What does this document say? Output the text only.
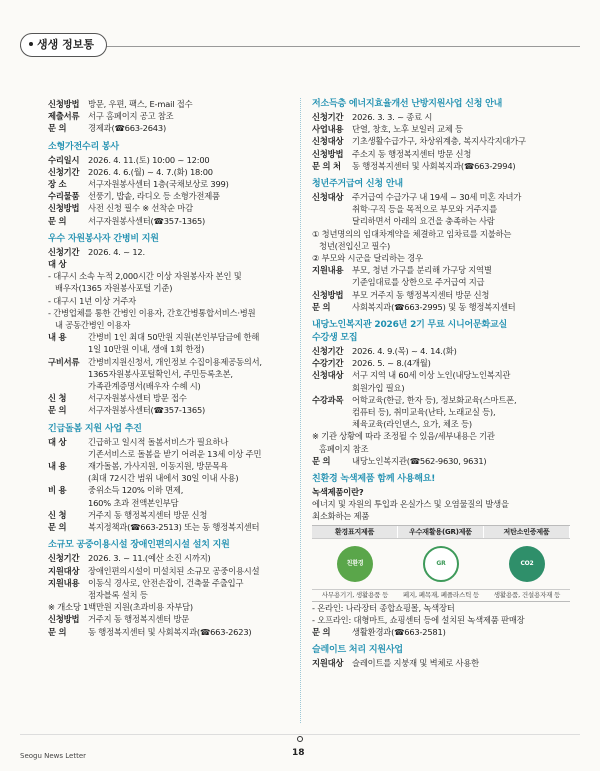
생생 정보통
신청방법	방문, 우편, 팩스, E-mail 접수
제출서류	서구 홈페이지 공고 참조
문 의	경제과(☎663-2643)
소형가전수리 봉사
수리일시	2026. 4. 11.(토) 10:00 ~ 12:00
신청기간	2026. 4. 6.(월) ~ 4. 7.(화) 18:00
장 소	서구자원봉사센터 1층(국채보상로 399)
수리물품	선풍기, 밥솥, 라디오 등 소형가전제품
신청방법	사전 신청 필수 ※ 선착순 마감
문 의	서구자원봉사센터(☎357-1365)
우수 자원봉사자 간병비 지원
신청기간	2026. 4. ~ 12.
대 상
- 대구시 소속 누적 2,000시간 이상 자원봉사자 본인 및
배우자(1365 자원봉사포털 기준)
- 대구시 1년 이상 거주자
- 간병업체를 통한 간병인 이용자, 간호간병통합서비스·병원
내 공동간병인 이용자
내 용	간병비 1인 최대 50만원 지원(본인부담금에 한해
1일 10만원 이내, 생애 1회 한정)
구비서류	간병비지원신청서, 개인정보 수집이용제공동의서,
1365자원봉사포털확인서, 주민등록초본,
가족관계증명서(배우자 수혜 시)
신 청	서구자원봉사센터 방문 접수
문 의	서구자원봉사센터(☎357-1365)
긴급돌봄 지원 사업 추진
대 상	긴급하고 일시적 돌봄서비스가 필요하나
기존서비스로 돌봄을 받기 어려운 13세 이상 주민
내 용	재가돌봄, 가사지원, 이동지원, 방문목욕
(최대 72시간 범위 내에서 30일 이내 사용)
비 용	중위소득 120% 이하 면제,
160% 초과 전액본인부담
신 청	거주지 동 행정복지센터 방문 신청
문 의	복지정책과(☎663-2513) 또는 동 행정복지센터
소규모 공중이용시설 장애인편의시설 설치 지원
신청기간	2026. 3. ~ 11.(예산 소진 시까지)
지원대상	장애인편의시설이 미설치된 소규모 공중이용시설
지원내용	이동식 경사로, 안전손잡이, 건축물 주출입구
점자블록 설치 등
※ 개소당 1백만원 지원(초과비용 자부담)
신청방법	거주지 동 행정복지센터 방문
문 의	동 행정복지센터 및 사회복지과(☎663-2623)
저소득층 에너지효율개선 난방지원사업 신청 안내
신청기간	2026. 3. 3. ~ 종료 시
사업내용	단열, 창호, 노후 보일러 교체 등
신청대상	기초생활수급가구, 차상위계층, 복지사각지대가구
신청방법	주소지 동 행정복지센터 방문 신청
문 의 처	동 행정복지센터 및 사회복지과(☎663-2994)
청년주거급여 신청 안내
신청대상	주거급여 수급가구 내 19세 ~ 30세 미혼 자녀가
취학·구직 등을 목적으로 부모와 거주지를
달리하면서 아래의 요건을 충족하는 사람
① 청년명의의 임대차계약을 체결하고 임차료를 지불하는
청년(전입신고 필수)
② 부모와 시군을 달리하는 경우
지원내용	부모, 청년 가구를 분리해 가구당 지역별
기준임대료를 상한으로 주거급여 지급
신청방법	부모 거주지 동 행정복지센터 방문 신청
문 의	사회복지과(☎663-2995) 및 동 행정복지센터
내당노인복지관 2026년 2기 무료 시니어문화교실
수강생 모집
신청기간	2026. 4. 9.(목) ~ 4. 14.(화)
수강기간	2026. 5. ~ 8.(4개월)
신청대상	서구 지역 내 60세 이상 노인(내당노인복지관
회원가입 필요)
수강과목	어학교육(한글, 한자 등), 정보화교육(스마트폰,
컴퓨터 등), 취미교육(난타, 노래교실 등),
체육교육(라인댄스, 요가, 체조 등)
※ 기관 상황에 따라 조정될 수 있음/세부내용은 기관
홈페이지 참조
문 의	내당노인복지관(☎562-9630, 9631)
친환경 녹색제품 함께 사용해요!
녹색제품이란?
에너지 및 자원의 투입과 온실가스 및 오염물질의 발생을
최소화하는 제품
환경표지제품	우수재활용(GR)제품	저탄소인증제품
친환경	GR	CO2
사무용기기, 생활용품 등	페지, 폐목재, 폐플라스틱 등	생활용품, 건설용자재 등
- 온라인: 나라장터 종합쇼핑몰, 녹색장터
- 오프라인: 대형마트, 쇼핑센터 등에 설치된 녹색제품 판매장
문 의	생활환경과(☎663-2581)
슬레이트 처리 지원사업
지원대상	슬레이트를 지붕재 및 벽체로 사용한
Seogu News Letter	18
